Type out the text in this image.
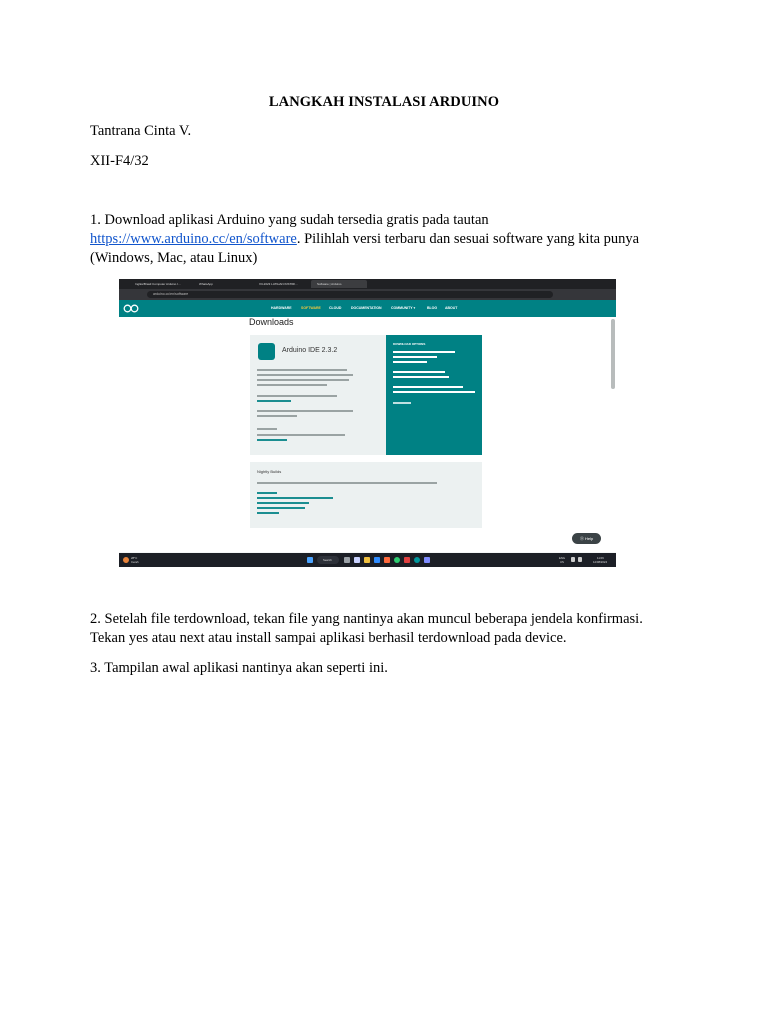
LANGKAH INSTALASI ARDUINO
Tantrana Cinta V.
XII-F4/32
1. Download aplikasi Arduino yang sudah tersedia gratis pada tautan
https://www.arduino.cc/en/software. Pilihlah versi terbaru dan sesuai software yang kita punya (Windows, Mac, atau Linux)
Inglês/Brasil Computer Arduino I...	WhatsApp	XII-2023 LATIHAN INSTIRI...	Software | Arduino
arduino.cc/en/software
HARDWARE	SOFTWARE CLOUD	DOCUMENTATION	COMMUNITY ▾	BLOG ABOUT
Downloads
Arduino IDE 2.3.2
DOWNLOAD OPTIONS
Nightly Builds
⓪ Help
28°C
Cerah	Search	ENG
US
11:06
12/08/2024
2. Setelah file terdownload, tekan file yang nantinya akan muncul beberapa jendela konfirmasi. Tekan yes atau next atau install sampai aplikasi berhasil terdownload pada device.
3. Tampilan awal aplikasi nantinya akan seperti ini.
